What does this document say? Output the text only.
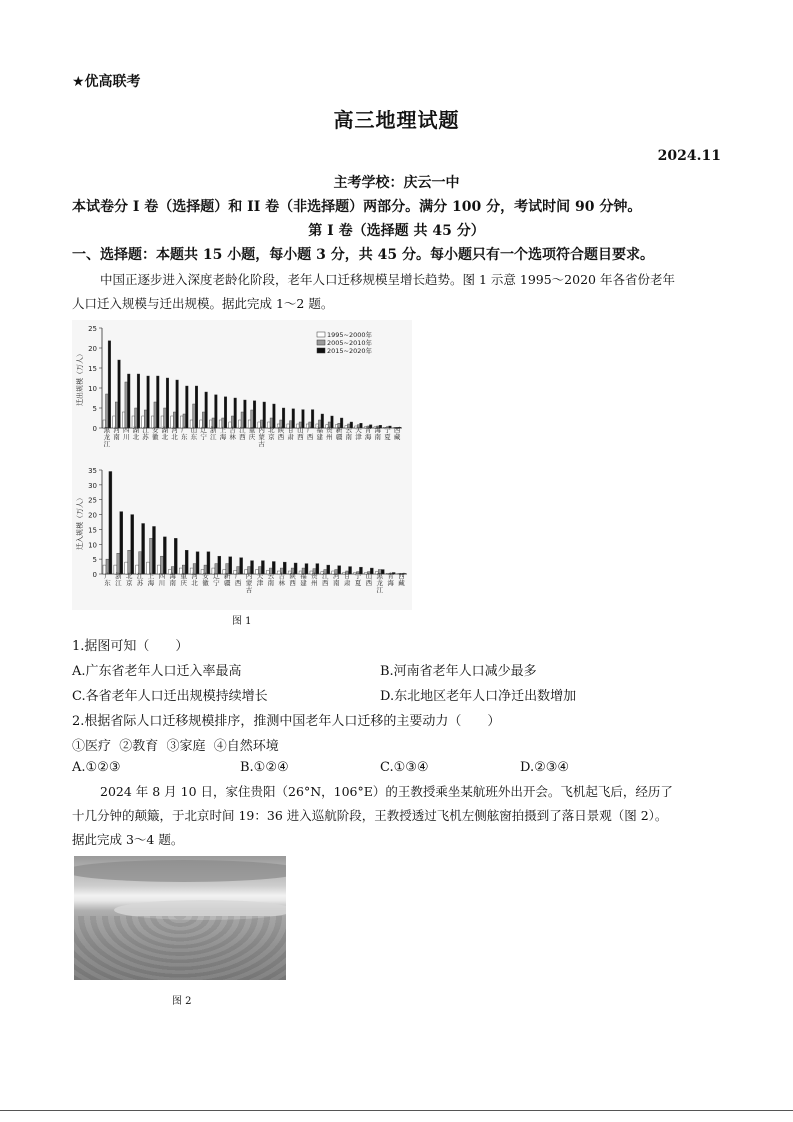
★优高联考
高三地理试题
2024.11
主考学校：庆云一中
本试卷分 I 卷（选择题）和 II 卷（非选择题）两部分。满分 100 分，考试时间 90 分钟。
第 I 卷（选择题 共 45 分）
一、选择题：本题共 15 小题，每小题 3 分，共 45 分。每小题只有一个选项符合题目要求。
中国正逐步进入深度老龄化阶段，老年人口迁移规模呈增长趋势。图 1 示意 1995～2020 年各省份老年
人口迁入规模与迁出规模。据此完成 1～2 题。
0
5
10
15
20
25
迁出规模（万人）
黑龙江
河南
四川
湖北
江苏
安徽
湖北
河北
广东
山东
辽宁
浙江
上海
吉林
江西
重庆
内蒙古
北京
陕西
甘肃
山西
广西
福建
贵州
新疆
云南
天津
青海
海南
宁夏
西藏
1995~2000年
2005~2010年
2015~2020年
0
5
10
15
20
25
30
35
迁入规模（万人）
广东
浙江
北京
江苏
上海
四川
海南
重庆
河北
安徽
辽宁
新疆
广西
内蒙古
天津
云南
吉林
陕西
福建
贵州
江西
河南
甘肃
宁夏
山西
黑龙江
青海
西藏
图 1
1.据图可知（　　）
A.广东省老年人口迁入率最高	B.河南省老年人口减少最多
C.各省老年人口迁出规模持续增长	D.东北地区老年人口净迁出数增加
2.根据省际人口迁移规模排序，推测中国老年人口迁移的主要动力（　　）
①医疗  ②教育  ③家庭  ④自然环境
A.①②③	B.①②④	C.①③④	D.②③④
2024 年 8 月 10 日，家住贵阳（26°N，106°E）的王教授乘坐某航班外出开会。飞机起飞后，经历了
十几分钟的颠簸，于北京时间 19：36 进入巡航阶段，王教授透过飞机左侧舷窗拍摄到了落日景观（图 2）。
据此完成 3～4 题。
图 2
